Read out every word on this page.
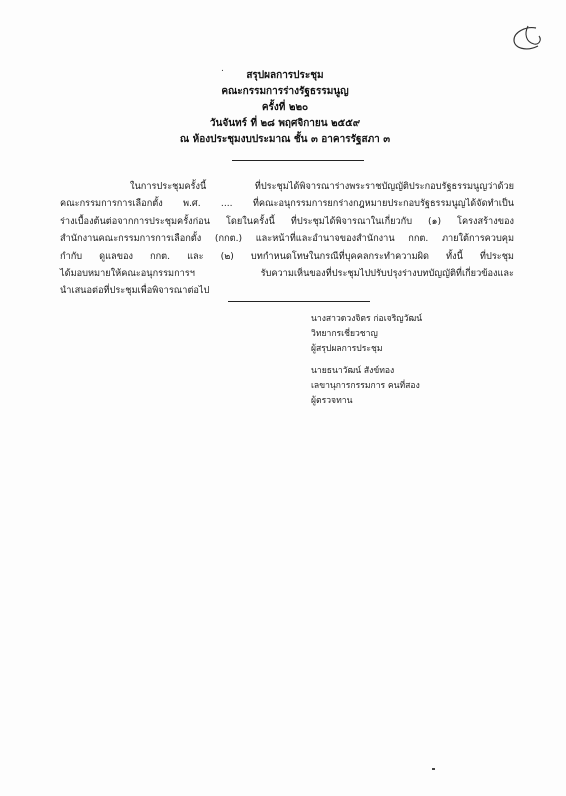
.
สรุปผลการประชุม
คณะกรรมการร่างรัฐธรรมนูญ
ครั้งที่ ๒๒๐
วันจันทร์ ที่ ๒๘ พฤศจิกายน ๒๕๕๙
ณ ห้องประชุมงบประมาณ ชั้น ๓ อาคารรัฐสภา ๓
ในการประชุมครั้งนี้ ที่ประชุมได้พิจารณาร่างพระราชบัญญัติประกอบรัฐธรรมนูญว่าด้วย
คณะกรรมการการเลือกตั้ง พ.ศ. .... ที่คณะอนุกรรมการยกร่างกฎหมายประกอบรัฐธรรมนูญได้จัดทำเป็น
ร่างเบื้องต้นต่อจากการประชุมครั้งก่อน โดยในครั้งนี้ ที่ประชุมได้พิจารณาในเกี่ยวกับ (๑) โครงสร้างของ
สำนักงานคณะกรรมการการเลือกตั้ง (กกต.) และหน้าที่และอำนาจของสำนักงาน กกต. ภายใต้การควบคุม
กำกับ ดูแลของ กกต. และ (๒) บทกำหนดโทษในกรณีที่บุคคลกระทำความผิด ทั้งนี้ ที่ประชุม
ได้มอบหมายให้คณะอนุกรรมการฯ รับความเห็นของที่ประชุมไปปรับปรุงร่างบทบัญญัติที่เกี่ยวข้องและ
นำเสนอต่อที่ประชุมเพื่อพิจารณาต่อไป
นางสาวดวงจิตร ก่อเจริญวัฒน์
วิทยากรเชี่ยวชาญ
ผู้สรุปผลการประชุม
นายธนาวัฒน์ สังข์ทอง
เลขานุการกรรมการ คนที่สอง
ผู้ตรวจทาน
